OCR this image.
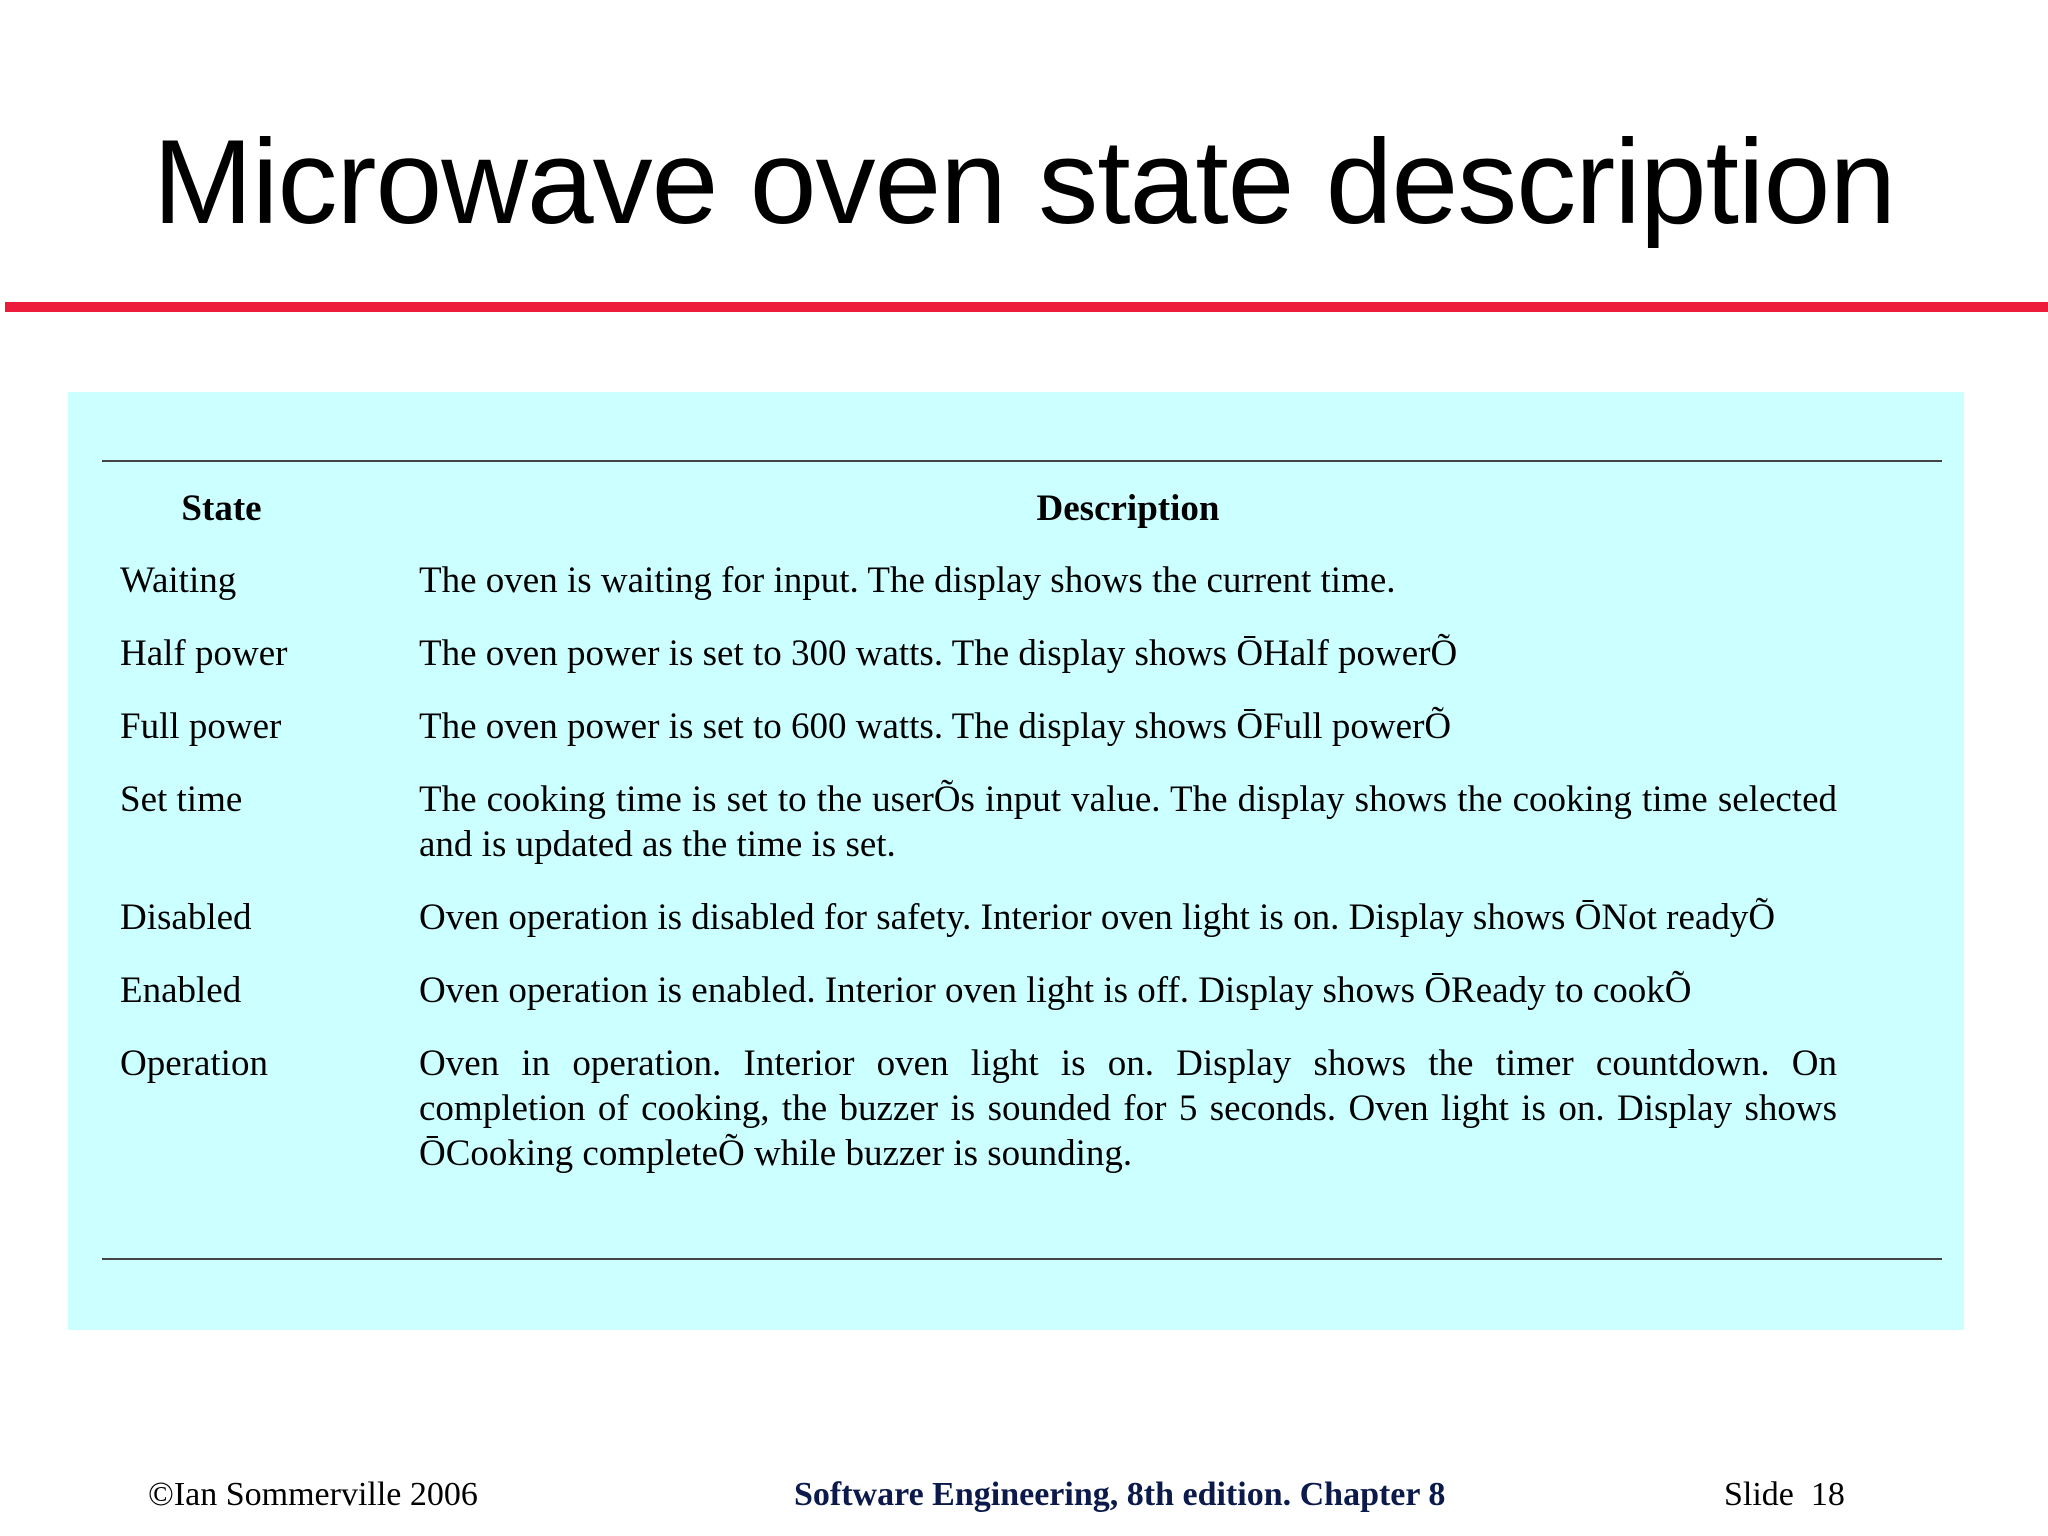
Microwave oven state description
State	Description
Waiting	The oven is waiting for input. The display shows the current time.
Half power	The oven power is set to 300 watts. The display shows ŌHalf powerÕ
Full power	The oven power is set to 600 watts. The display shows ŌFull powerÕ
Set time	The cooking time is set to the userÕs input value. The display shows the cooking time selected and is updated as the time is set.
Disabled	Oven operation is disabled for safety. Interior oven light is on. Display shows ŌNot readyÕ
Enabled	Oven operation is enabled. Interior oven light is off. Display shows ŌReady to cookÕ
Operation	Oven in operation. Interior oven light is on. Display shows the timer countdown. On completion of cooking, the buzzer is sounded for 5 seconds. Oven light is on. Display shows ŌCooking completeÕ while buzzer is sounding.
©Ian Sommerville 2006	Software Engineering, 8th edition. Chapter 8	Slide 18
